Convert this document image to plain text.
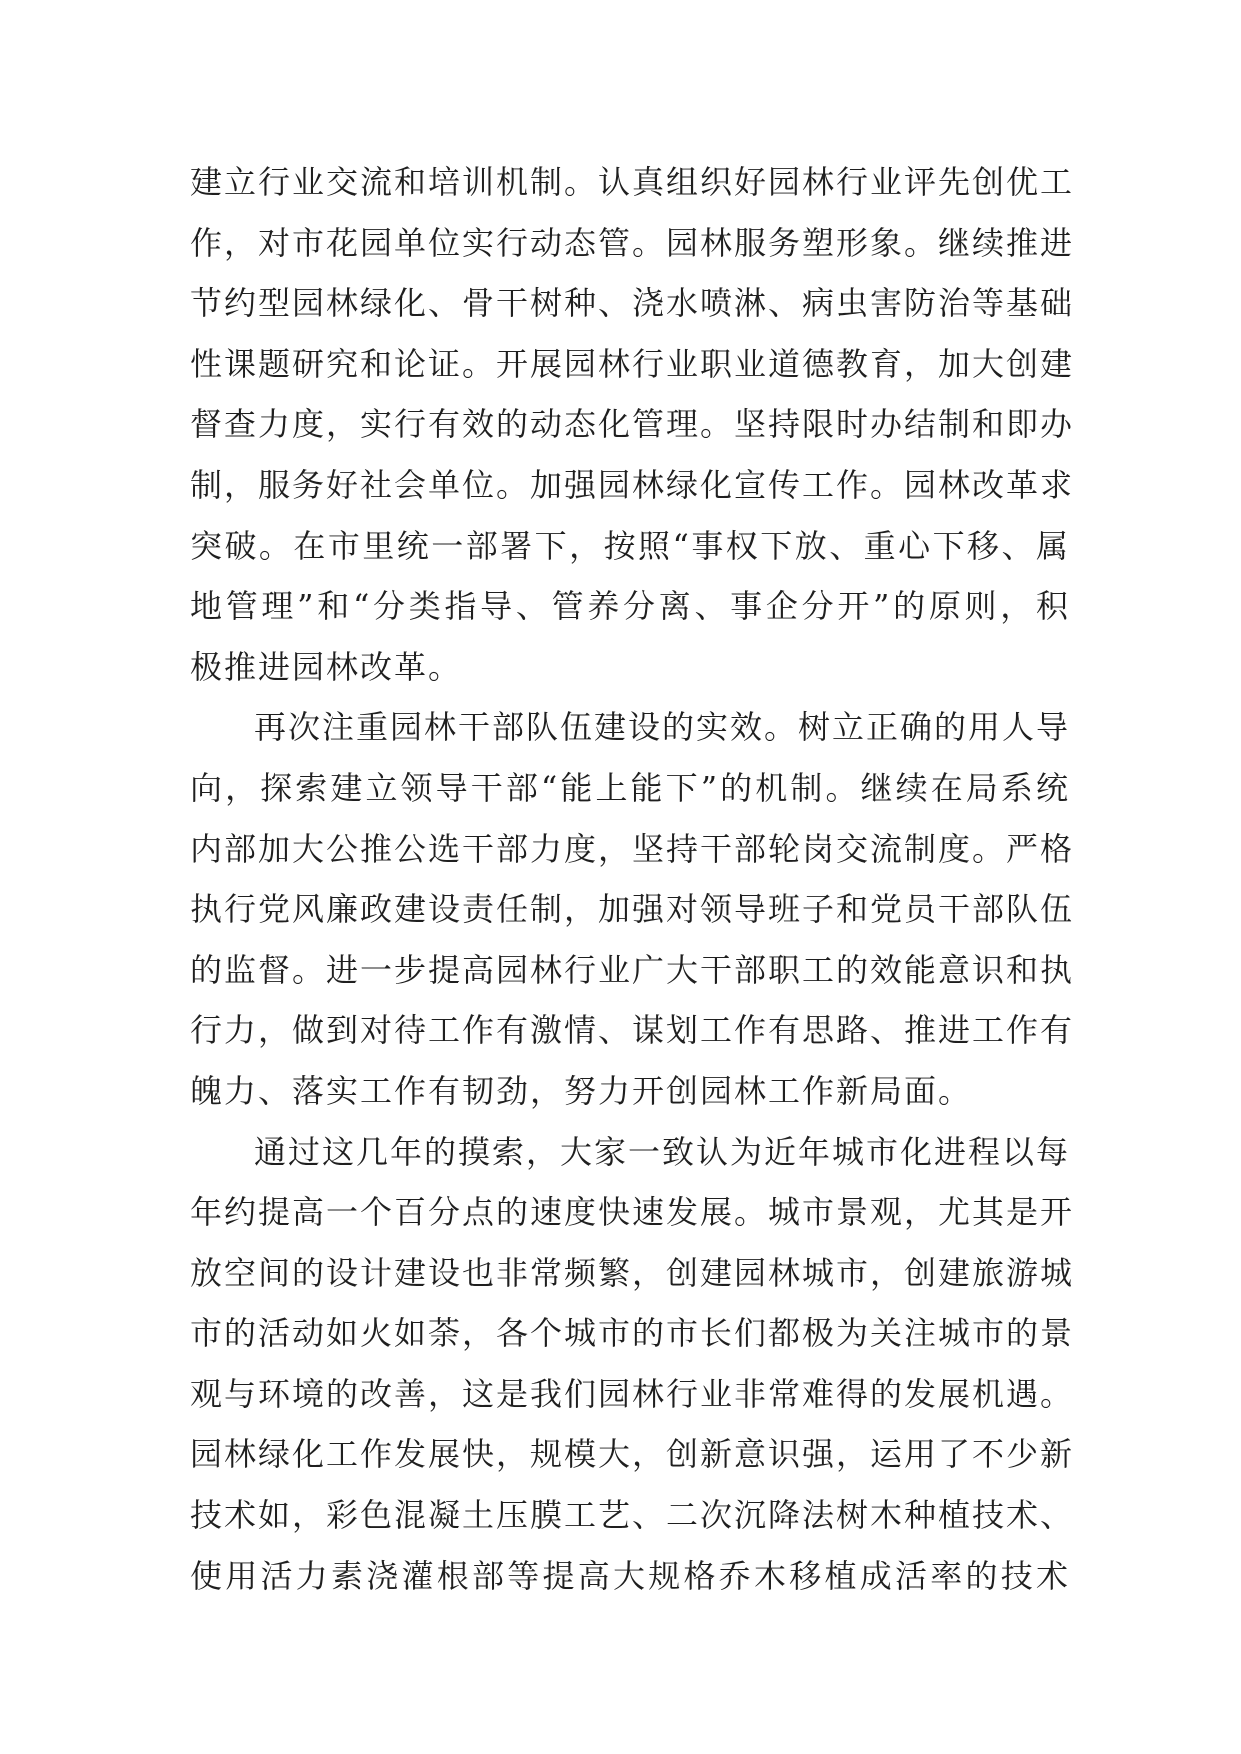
建立行业交流和培训机制。认真组织好园林行业评先创优工
作，对市花园单位实行动态管。园林服务塑形象。继续推进
节约型园林绿化、骨干树种、浇水喷淋、病虫害防治等基础
性课题研究和论证。开展园林行业职业道德教育，加大创建
督查力度，实行有效的动态化管理。坚持限时办结制和即办
制，服务好社会单位。加强园林绿化宣传工作。园林改革求
突破。在市里统一部署下，按照“事权下放、重心下移、属
地管理”和“分类指导、管养分离、事企分开”的原则，积
极推进园林改革。
再次注重园林干部队伍建设的实效。树立正确的用人导
向，探索建立领导干部“能上能下”的机制。继续在局系统
内部加大公推公选干部力度，坚持干部轮岗交流制度。严格
执行党风廉政建设责任制，加强对领导班子和党员干部队伍
的监督。进一步提高园林行业广大干部职工的效能意识和执
行力，做到对待工作有激情、谋划工作有思路、推进工作有
魄力、落实工作有韧劲，努力开创园林工作新局面。
通过这几年的摸索，大家一致认为近年城市化进程以每
年约提高一个百分点的速度快速发展。城市景观，尤其是开
放空间的设计建设也非常频繁，创建园林城市，创建旅游城
市的活动如火如荼，各个城市的市长们都极为关注城市的景
观与环境的改善，这是我们园林行业非常难得的发展机遇。
园林绿化工作发展快，规模大，创新意识强，运用了不少新
技术如，彩色混凝土压膜工艺、二次沉降法树木种植技术、
使用活力素浇灌根部等提高大规格乔木移植成活率的技术
